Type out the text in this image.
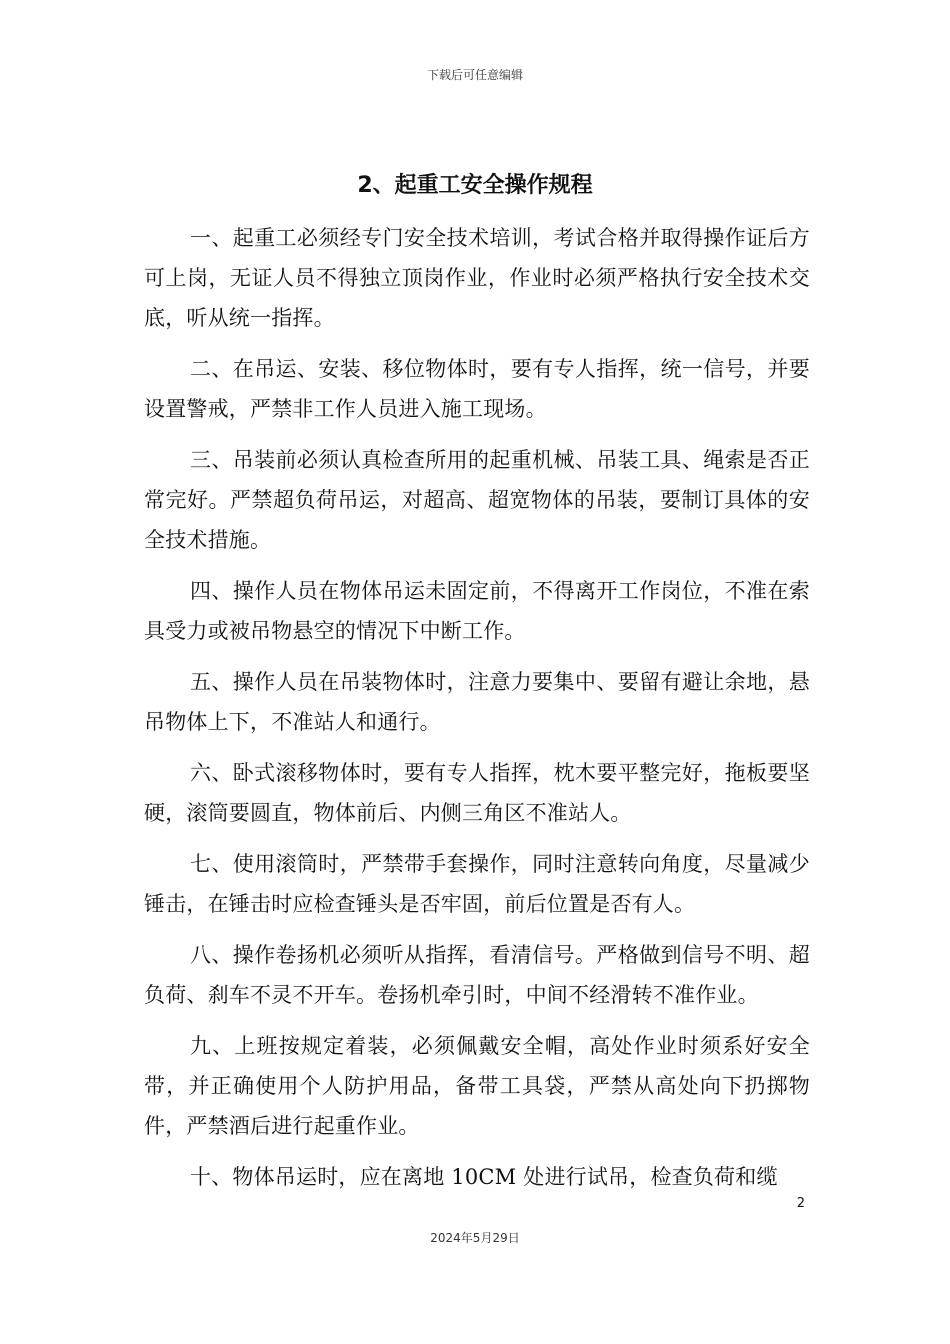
下载后可任意编辑
2、起重工安全操作规程

一、起重工必须经专门安全技术培训，考试合格并取得操作证后方可上岗，无证人员不得独立顶岗作业，作业时必须严格执行安全技术交底，听从统一指挥。

二、在吊运、安装、移位物体时，要有专人指挥，统一信号，并要设置警戒，严禁非工作人员进入施工现场。

三、吊装前必须认真检查所用的起重机械、吊装工具、绳索是否正常完好。严禁超负荷吊运，对超高、超宽物体的吊装，要制订具体的安全技术措施。

四、操作人员在物体吊运未固定前，不得离开工作岗位，不准在索具受力或被吊物悬空的情况下中断工作。

五、操作人员在吊装物体时，注意力要集中、要留有避让余地，悬吊物体上下，不准站人和通行。

六、卧式滚移物体时，要有专人指挥，枕木要平整完好，拖板要坚硬，滚筒要圆直，物体前后、内侧三角区不准站人。

七、使用滚筒时，严禁带手套操作，同时注意转向角度，尽量减少锤击，在锤击时应检查锤头是否牢固，前后位置是否有人。

八、操作卷扬机必须听从指挥，看清信号。严格做到信号不明、超负荷、刹车不灵不开车。卷扬机牵引时，中间不经滑转不准作业。

九、上班按规定着装，必须佩戴安全帽，高处作业时须系好安全带，并正确使用个人防护用品，备带工具袋，严禁从高处向下扔掷物件，严禁酒后进行起重作业。

十、物体吊运时，应在离地 10CM 处进行试吊，检查负荷和缆

2
2024年5月29日
